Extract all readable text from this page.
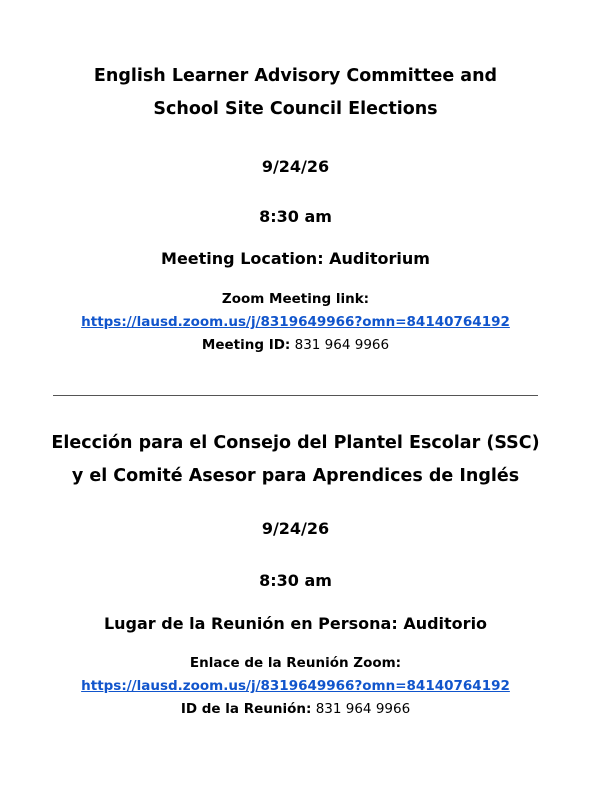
English Learner Advisory Committee and
School Site Council Elections
9/24/26
8:30 am
Meeting Location: Auditorium
Zoom Meeting link:
https://lausd.zoom.us/j/8319649966?omn=84140764192
Meeting ID: 831 964 9966
Elección para el Consejo del Plantel Escolar (SSC)
y el Comité Asesor para Aprendices de Inglés
9/24/26
8:30 am
Lugar de la Reunión en Persona: Auditorio
Enlace de la Reunión Zoom:
https://lausd.zoom.us/j/8319649966?omn=84140764192
ID de la Reunión: 831 964 9966
